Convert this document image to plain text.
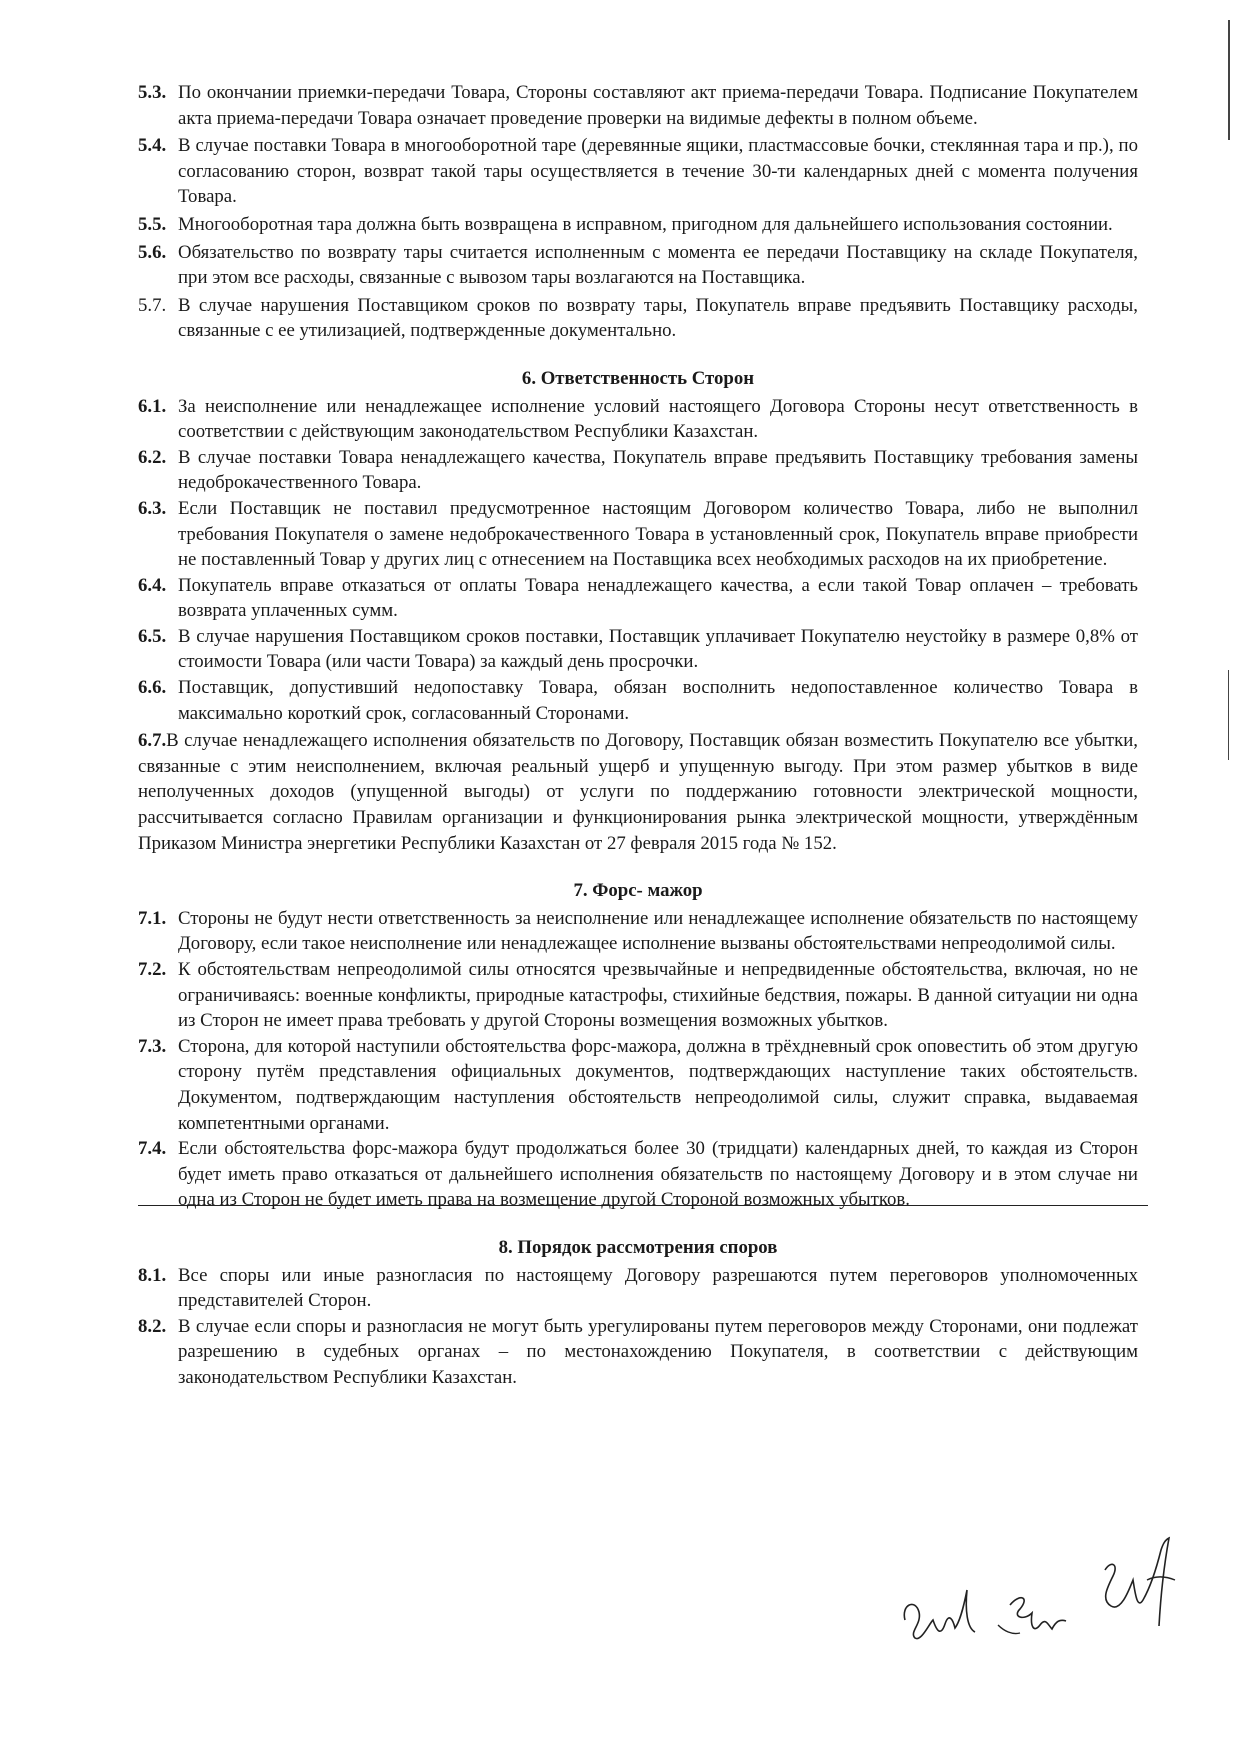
5.3. По окончании приемки-передачи Товара, Стороны составляют акт приема-передачи Товара. Подписание Покупателем акта приема-передачи Товара означает проведение проверки на видимые дефекты в полном объеме.
5.4. В случае поставки Товара в многооборотной таре (деревянные ящики, пластмассовые бочки, стеклянная тара и пр.), по согласованию сторон, возврат такой тары осуществляется в течение 30-ти календарных дней с момента получения Товара.
5.5. Многооборотная тара должна быть возвращена в исправном, пригодном для дальнейшего использования состоянии.
5.6. Обязательство по возврату тары считается исполненным с момента ее передачи Поставщику на складе Покупателя, при этом все расходы, связанные с вывозом тары возлагаются на Поставщика.
5.7. В случае нарушения Поставщиком сроков по возврату тары, Покупатель вправе предъявить Поставщику расходы, связанные с ее утилизацией, подтвержденные документально.
6. Ответственность Сторон
6.1. За неисполнение или ненадлежащее исполнение условий настоящего Договора Стороны несут ответственность в соответствии с действующим законодательством Республики Казахстан.
6.2. В случае поставки Товара ненадлежащего качества, Покупатель вправе предъявить Поставщику требования замены недоброкачественного Товара.
6.3. Если Поставщик не поставил предусмотренное настоящим Договором количество Товара, либо не выполнил требования Покупателя о замене недоброкачественного Товара в установленный срок, Покупатель вправе приобрести не поставленный Товар у других лиц с отнесением на Поставщика всех необходимых расходов на их приобретение.
6.4. Покупатель вправе отказаться от оплаты Товара ненадлежащего качества, а если такой Товар оплачен – требовать возврата уплаченных сумм.
6.5. В случае нарушения Поставщиком сроков поставки, Поставщик уплачивает Покупателю неустойку в размере 0,8% от стоимости Товара (или части Товара) за каждый день просрочки.
6.6. Поставщик, допустивший недопоставку Товара, обязан восполнить недопоставленное количество Товара в максимально короткий срок, согласованный Сторонами.
6.7.В случае ненадлежащего исполнения обязательств по Договору, Поставщик обязан возместить Покупателю все убытки, связанные с этим неисполнением, включая реальный ущерб и упущенную выгоду. При этом размер убытков в виде неполученных доходов (упущенной выгоды) от услуги по поддержанию готовности электрической мощности, рассчитывается согласно Правилам организации и функционирования рынка электрической мощности, утверждённым Приказом Министра энергетики Республики Казахстан от 27 февраля 2015 года № 152.
7. Форс- мажор
7.1. Стороны не будут нести ответственность за неисполнение или ненадлежащее исполнение обязательств по настоящему Договору, если такое неисполнение или ненадлежащее исполнение вызваны обстоятельствами непреодолимой силы.
7.2. К обстоятельствам непреодолимой силы относятся чрезвычайные и непредвиденные обстоятельства, включая, но не ограничиваясь: военные конфликты, природные катастрофы, стихийные бедствия, пожары. В данной ситуации ни одна из Сторон не имеет права требовать у другой Стороны возмещения возможных убытков.
7.3. Сторона, для которой наступили обстоятельства форс-мажора, должна в трёхдневный срок оповестить об этом другую сторону путём представления официальных документов, подтверждающих наступление таких обстоятельств. Документом, подтверждающим наступления обстоятельств непреодолимой силы, служит справка, выдаваемая компетентными органами.
7.4. Если обстоятельства форс-мажора будут продолжаться более 30 (тридцати) календарных дней, то каждая из Сторон будет иметь право отказаться от дальнейшего исполнения обязательств по настоящему Договору и в этом случае ни одна из Сторон не будет иметь права на возмещение другой Стороной возможных убытков.
8. Порядок рассмотрения споров
8.1. Все споры или иные разногласия по настоящему Договору разрешаются путем переговоров уполномоченных представителей Сторон.
8.2. В случае если споры и разногласия не могут быть урегулированы путем переговоров между Сторонами, они подлежат разрешению в судебных органах – по местонахождению Покупателя, в соответствии с действующим законодательством Республики Казахстан.
